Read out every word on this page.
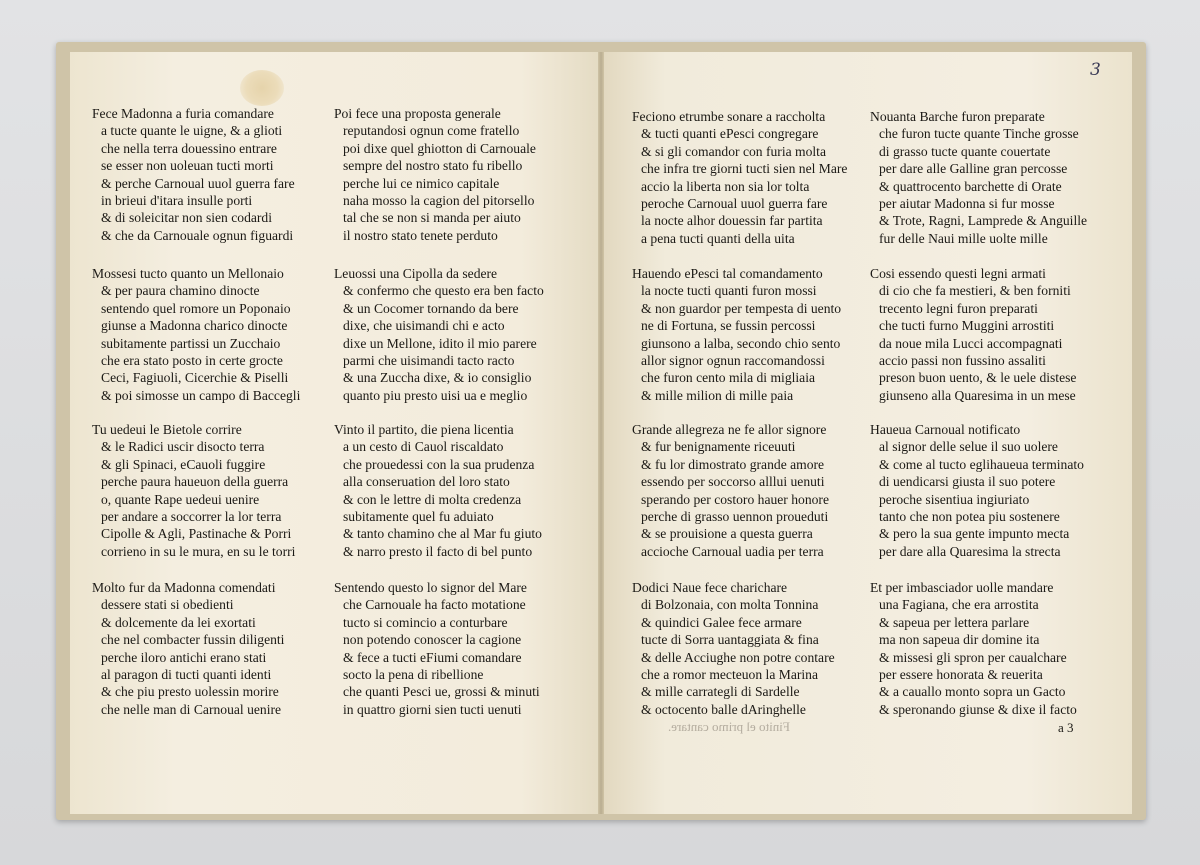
3
Fece Madonna a furia comandare
a tucte quante le uigne, & a glioti
che nella terra douessino entrare
se esser non uoleuan tucti morti
& perche Carnoual uuol guerra fare
in brieui d'itara insulle porti
& di soleicitar non sien codardi
& che da Carnouale ognun figuardi
Poi fece una proposta generale
reputandosi ognun come fratello
poi dixe quel ghiotton di Carnouale
sempre del nostro stato fu ribello
perche lui ce nimico capitale
naha mosso la cagion del pitorsello
tal che se non si manda per aiuto
il nostro stato tenete perduto
Mossesi tucto quanto un Mellonaio
& per paura chamino dinocte
sentendo quel romore un Poponaio
giunse a Madonna charico dinocte
subitamente partissi un Zucchaio
che era stato posto in certe grocte
Ceci, Fagiuoli, Cicerchie & Piselli
& poi simosse un campo di Baccegli
Leuossi una Cipolla da sedere
& confermo che questo era ben facto
& un Cocomer tornando da bere
dixe, che uisimandi chi e acto
dixe un Mellone, idito il mio parere
parmi che uisimandi tacto racto
& una Zuccha dixe, & io consiglio
quanto piu presto uisi ua e meglio
Tu uedeui le Bietole corrire
& le Radici uscir disocto terra
& gli Spinaci, eCauoli fuggire
perche paura haueuon della guerra
o, quante Rape uedeui uenire
per andare a soccorrer la lor terra
Cipolle & Agli, Pastinache & Porri
corrieno in su le mura, en su le torri
Vinto il partito, die piena licentia
a un cesto di Cauol riscaldato
che prouedessi con la sua prudenza
alla conseruation del loro stato
& con le lettre di molta credenza
subitamente quel fu aduiato
& tanto chamino che al Mar fu giuto
& narro presto il facto di bel punto
Molto fur da Madonna comendati
dessere stati si obedienti
& dolcemente da lei exortati
che nel combacter fussin diligenti
perche iloro antichi erano stati
al paragon di tucti quanti identi
& che piu presto uolessin morire
che nelle man di Carnoual uenire
Sentendo questo lo signor del Mare
che Carnouale ha facto motatione
tucto si comincio a conturbare
non potendo conoscer la cagione
& fece a tucti eFiumi comandare
socto la pena di ribellione
che quanti Pesci ue, grossi & minuti
in quattro giorni sien tucti uenuti
Feciono etrumbe sonare a raccholta
& tucti quanti ePesci congregare
& si gli comandor con furia molta
che infra tre giorni tucti sien nel Mare
accio la liberta non sia lor tolta
peroche Carnoual uuol guerra fare
la nocte alhor douessin far partita
a pena tucti quanti della uita
Nouanta Barche furon preparate
che furon tucte quante Tinche grosse
di grasso tucte quante couertate
per dare alle Galline gran percosse
& quattrocento barchette di Orate
per aiutar Madonna si fur mosse
& Trote, Ragni, Lamprede & Anguille
fur delle Naui mille uolte mille
Hauendo ePesci tal comandamento
la nocte tucti quanti furon mossi
& non guardor per tempesta di uento
ne di Fortuna, se fussin percossi
giunsono a lalba, secondo chio sento
allor signor ognun raccomandossi
che furon cento mila di migliaia
& mille milion di mille paia
Cosi essendo questi legni armati
di cio che fa mestieri, & ben forniti
trecento legni furon preparati
che tucti furno Muggini arrostiti
da noue mila Lucci accompagnati
accio passi non fussino assaliti
preson buon uento, & le uele distese
giunseno alla Quaresima in un mese
Grande allegreza ne fe allor signore
& fur benignamente riceuuti
& fu lor dimostrato grande amore
essendo per soccorso alllui uenuti
sperando per costoro hauer honore
perche di grasso uennon proueduti
& se prouisione a questa guerra
acciochе Carnoual uadia per terra
Haueua Carnoual notificato
al signor delle selue il suo uolere
& come al tucto eglihaueua terminato
di uendicarsi giusta il suo potere
peroche sisentiua ingiuriato
tanto che non potea piu sostenere
& pero la sua gente impunto mecta
per dare alla Quaresima la strecta
Dodici Naue fece charichare
di Bolzonaia, con molta Tonnina
& quindici Galee fece armare
tucte di Sorra uantaggiata & fina
& delle Acciughe non potre contare
che a romor mecteuon la Marina
& mille carrategli di Sardelle
& octocento balle dAringhelle
Et per imbasciador uolle mandare
una Fagiana, che era arrostita
& sapeua per lettera parlare
ma non sapeua dir domine ita
& missesi gli spron per caualchare
per essere honorata & reuerita
& a cauallo monto sopra un Gacto
& speronando giunse & dixe il facto
Finito el primo cantare.	a 3
